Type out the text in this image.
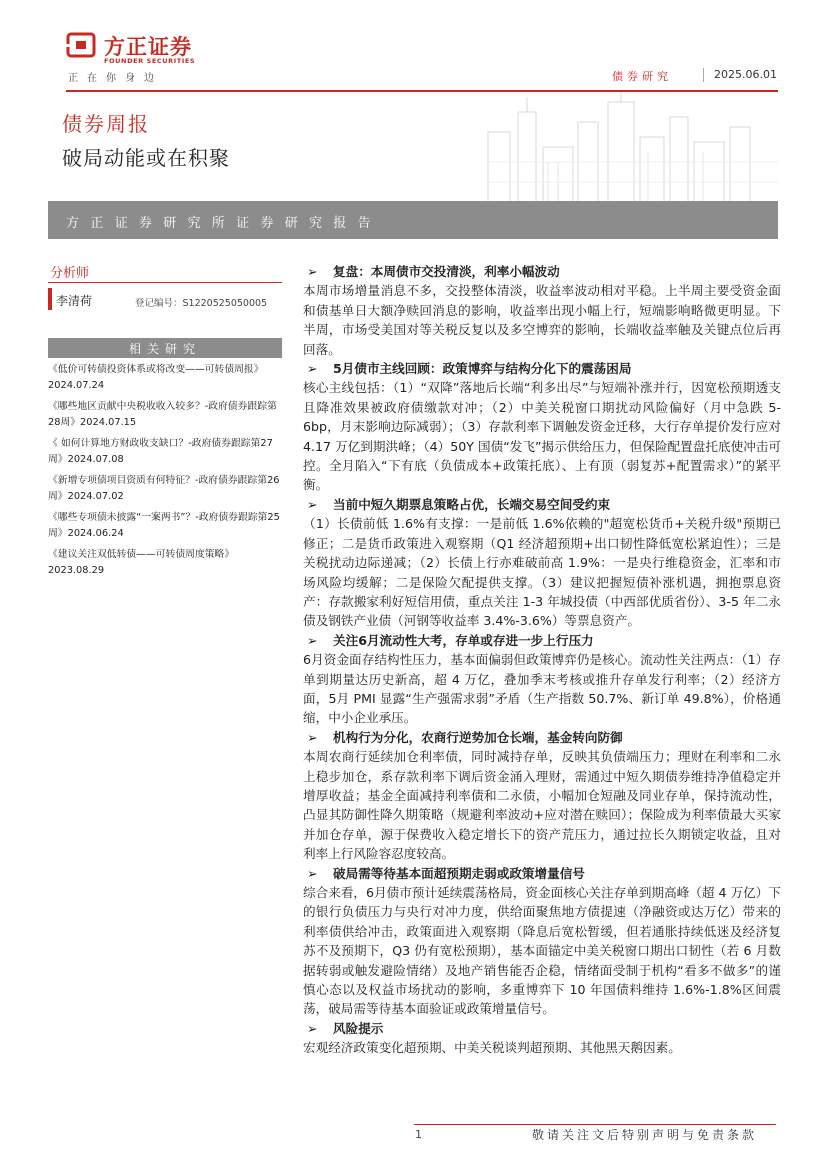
方正证券
FOUNDER SECURITIES
正在你身边	债券研究	2025.06.01
债券周报
破局动能或在积聚
方正证券研究所证券研究报告
分析师
李清荷	登记编号：S1220525050005
相关研究
《低价可转债投资体系或将改变——可转债周报》2024.07.24
《哪些地区贡献中央税收收入较多？-政府债券跟踪第28周》2024.07.15
《 如何计算地方财政收支缺口？-政府债券跟踪第27周》2024.07.08
《新增专项债项目资质有何特征？-政府债券跟踪第26周》2024.07.02
《哪些专项债未披露“一案两书”？-政府债券跟踪第25周》2024.06.24
《建议关注双低转债——可转债周度策略》2023.08.29
➢ 复盘：本周债市交投清淡，利率小幅波动

本周市场增量消息不多，交投整体清淡，收益率波动相对平稳。上半周主要受资金面和债基单日大额净赎回消息的影响，收益率出现小幅上行，短端影响略微更明显。下半周，市场受美国对等关税反复以及多空博弈的影响，长端收益率触及关键点位后再回落。

➢ 5月债市主线回顾：政策博弈与结构分化下的震荡困局

核心主线包括：（1）“双降”落地后长端“利多出尽”与短端补涨并行，因宽松预期透支且降准效果被政府债缴款对冲；（2）中美关税窗口期扰动风险偏好（月中急跌 5-6bp，月末影响边际减弱）；（3）存款利率下调触发资金迁移，大行存单提价发行应对 4.17 万亿到期洪峰；（4）50Y 国债“发飞”揭示供给压力，但保险配置盘托底使冲击可控。全月陷入“下有底（负债成本+政策托底）、上有顶（弱复苏+配置需求）”的紧平衡。

➢ 当前中短久期票息策略占优，长端交易空间受约束

（1）长债前低 1.6%有支撑：一是前低 1.6%依赖的"超宽松货币+关税升级"预期已修正；二是货币政策进入观察期（Q1 经济超预期+出口韧性降低宽松紧迫性）；三是关税扰动边际递减；（2）长债上行亦难破前高 1.9%：一是央行维稳资金，汇率和市场风险均缓解；二是保险欠配提供支撑。（3）建议把握短债补涨机遇，拥抱票息资产：存款搬家利好短信用债，重点关注 1-3 年城投债（中西部优质省份）、3-5 年二永债及钢铁产业债（河钢等收益率 3.4%-3.6%）等票息资产。

➢ 关注6月流动性大考，存单或存进一步上行压力

6月资金面存结构性压力，基本面偏弱但政策博弈仍是核心。流动性关注两点：（1）存单到期量达历史新高，超 4 万亿，叠加季末考核或推升存单发行利率；（2）经济方面，5月 PMI 显露“生产强需求弱”矛盾（生产指数 50.7%、新订单 49.8%），价格通缩，中小企业承压。

➢ 机构行为分化，农商行逆势加仓长端，基金转向防御

本周农商行延续加仓利率债，同时减持存单，反映其负债端压力；理财在利率和二永上稳步加仓，系存款利率下调后资金涌入理财，需通过中短久期债券维持净值稳定并增厚收益；基金全面减持利率债和二永债，小幅加仓短融及同业存单，保持流动性，凸显其防御性降久期策略（规避利率波动+应对潜在赎回）；保险成为利率债最大买家并加仓存单，源于保费收入稳定增长下的资产荒压力，通过拉长久期锁定收益，且对利率上行风险容忍度较高。

➢ 破局需等待基本面超预期走弱或政策增量信号

综合来看，6月债市预计延续震荡格局，资金面核心关注存单到期高峰（超 4 万亿）下的银行负债压力与央行对冲力度，供给面聚焦地方债提速（净融资或达万亿）带来的利率债供给冲击，政策面进入观察期（降息后宽松暂缓，但若通胀持续低迷及经济复苏不及预期下，Q3 仍有宽松预期），基本面锚定中美关税窗口期出口韧性（若 6 月数据转弱或触发避险情绪）及地产销售能否企稳，情绪面受制于机构“看多不做多”的谨慎心态以及权益市场扰动的影响，多重博弈下 10 年国债料维持 1.6%-1.8%区间震荡，破局需等待基本面验证或政策增量信号。

➢ 风险提示

宏观经济政策变化超预期、中美关税谈判超预期、其他黑天鹅因素。

1	敬请关注文后特别声明与免责条款
